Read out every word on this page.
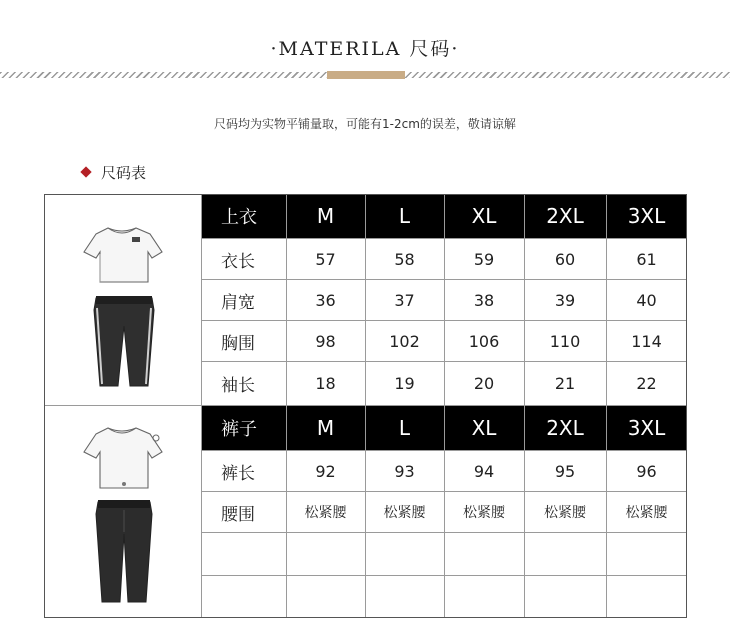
·MATERILA 尺码·
尺码均为实物平铺量取，可能有1-2cm的误差，敬请谅解
尺码表
上衣	M	L	XL	2XL	3XL
衣长	57	58	59	60	61
肩宽	36	37	38	39	40
胸围	98	102	106	110	114
袖长	18	19	20	21	22
裤子	M	L	XL	2XL	3XL
裤长	92	93	94	95	96
腰围	松紧腰	松紧腰	松紧腰	松紧腰	松紧腰
